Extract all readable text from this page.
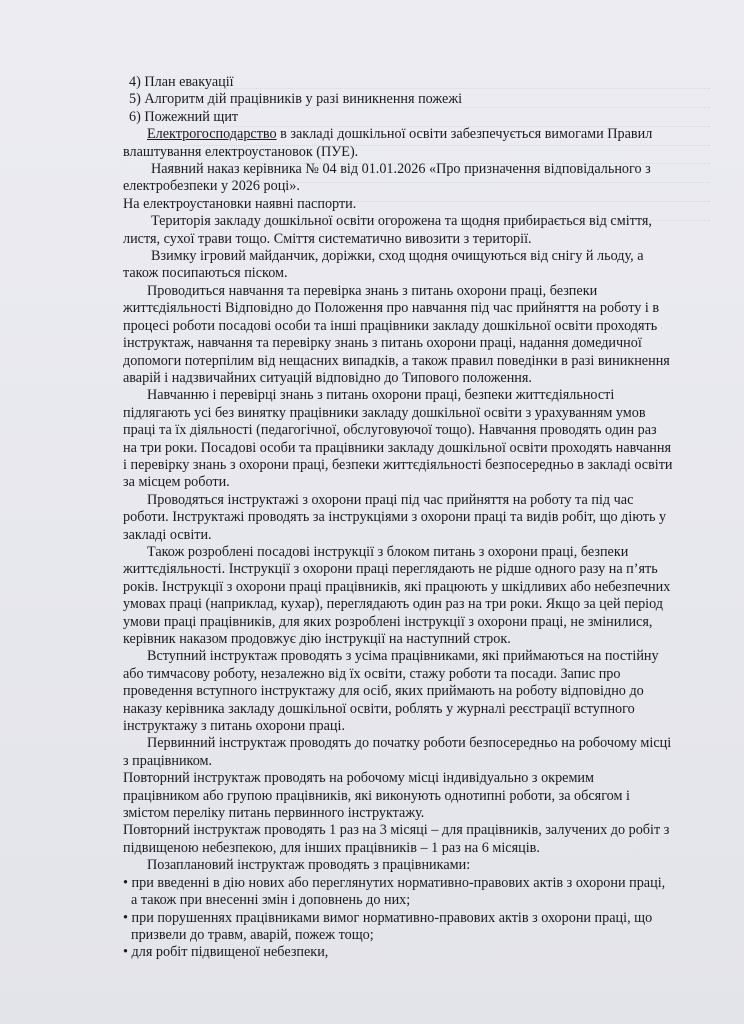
4) План евакуації

5) Алгоритм дій працівників у разі виникнення пожежі

6) Пожежний щит

Електрогосподарство в закладі дошкільної освіти забезпечується вимогами Правил

влаштування електроустановок (ПУЕ).

Наявний наказ керівника № 04 від 01.01.2026 «Про призначення відповідального з

електробезпеки у 2026 році».

На електроустановки наявні паспорти.

Територія закладу дошкільної освіти огорожена та щодня прибирається від сміття,

листя, сухої трави тощо. Сміття систематично вивозити з території.

Взимку ігровий майданчик, доріжки, сход щодня очищуються від снігу й льоду, а

також посипаються піском.

Проводиться навчання та перевірка знань з питань охорони праці, безпеки

життєдіяльності Відповідно до Положення про навчання під час прийняття на роботу і в

процесі роботи посадові особи та інші працівники закладу дошкільної освіти проходять

інструктаж, навчання та перевірку знань з питань охорони праці, надання домедичної

допомоги потерпілим від нещасних випадків, а також правил поведінки в разі виникнення

аварій і надзвичайних ситуацій відповідно до Типового положення.

Навчанню і перевірці знань з питань охорони праці, безпеки життєдіяльності

підлягають усі без винятку працівники закладу дошкільної освіти з урахуванням умов

праці та їх діяльності (педагогічної, обслуговуючої тощо). Навчання проводять один раз

на три роки. Посадові особи та працівники закладу дошкільної освіти проходять навчання

і перевірку знань з охорони праці, безпеки життєдіяльності безпосередньо в закладі освіти

за місцем роботи.

Проводяться інструктажі з охорони праці під час прийняття на роботу та під час

роботи. Інструктажі проводять за інструкціями з охорони праці та видів робіт, що діють у

закладі освіти.

Також розроблені посадові інструкції з блоком питань з охорони праці, безпеки

життєдіяльності. Інструкції з охорони праці переглядають не рідше одного разу на п’ять

років. Інструкції з охорони праці працівників, які працюють у шкідливих або небезпечних

умовах праці (наприклад, кухар), переглядають один раз на три роки. Якщо за цей період

умови праці працівників, для яких розроблені інструкції з охорони праці, не змінилися,

керівник наказом продовжує дію інструкції на наступний строк.

Вступний інструктаж проводять з усіма працівниками, які приймаються на постійну

або тимчасову роботу, незалежно від їх освіти, стажу роботи та посади. Запис про

проведення вступного інструктажу для осіб, яких приймають на роботу відповідно до

наказу керівника закладу дошкільної освіти, роблять у журналі реєстрації вступного

інструктажу з питань охорони праці.

Первинний інструктаж проводять до початку роботи безпосередньо на робочому місці

з працівником.

Повторний інструктаж проводять на робочому місці індивідуально з окремим

працівником або групою працівників, які виконують однотипні роботи, за обсягом і

змістом переліку питань первинного інструктажу.

Повторний інструктаж проводять 1 раз на 3 місяці – для працівників, залучених до робіт з

підвищеною небезпекою, для інших працівників – 1 раз на 6 місяців.

Позаплановий інструктаж проводять з працівниками:

• при введенні в дію нових або переглянутих нормативно-правових актів з охорони праці,

а також при внесенні змін і доповнень до них;

• при порушеннях працівниками вимог нормативно-правових актів з охорони праці, що

призвели до травм, аварій, пожеж тощо;

• для робіт підвищеної небезпеки,
